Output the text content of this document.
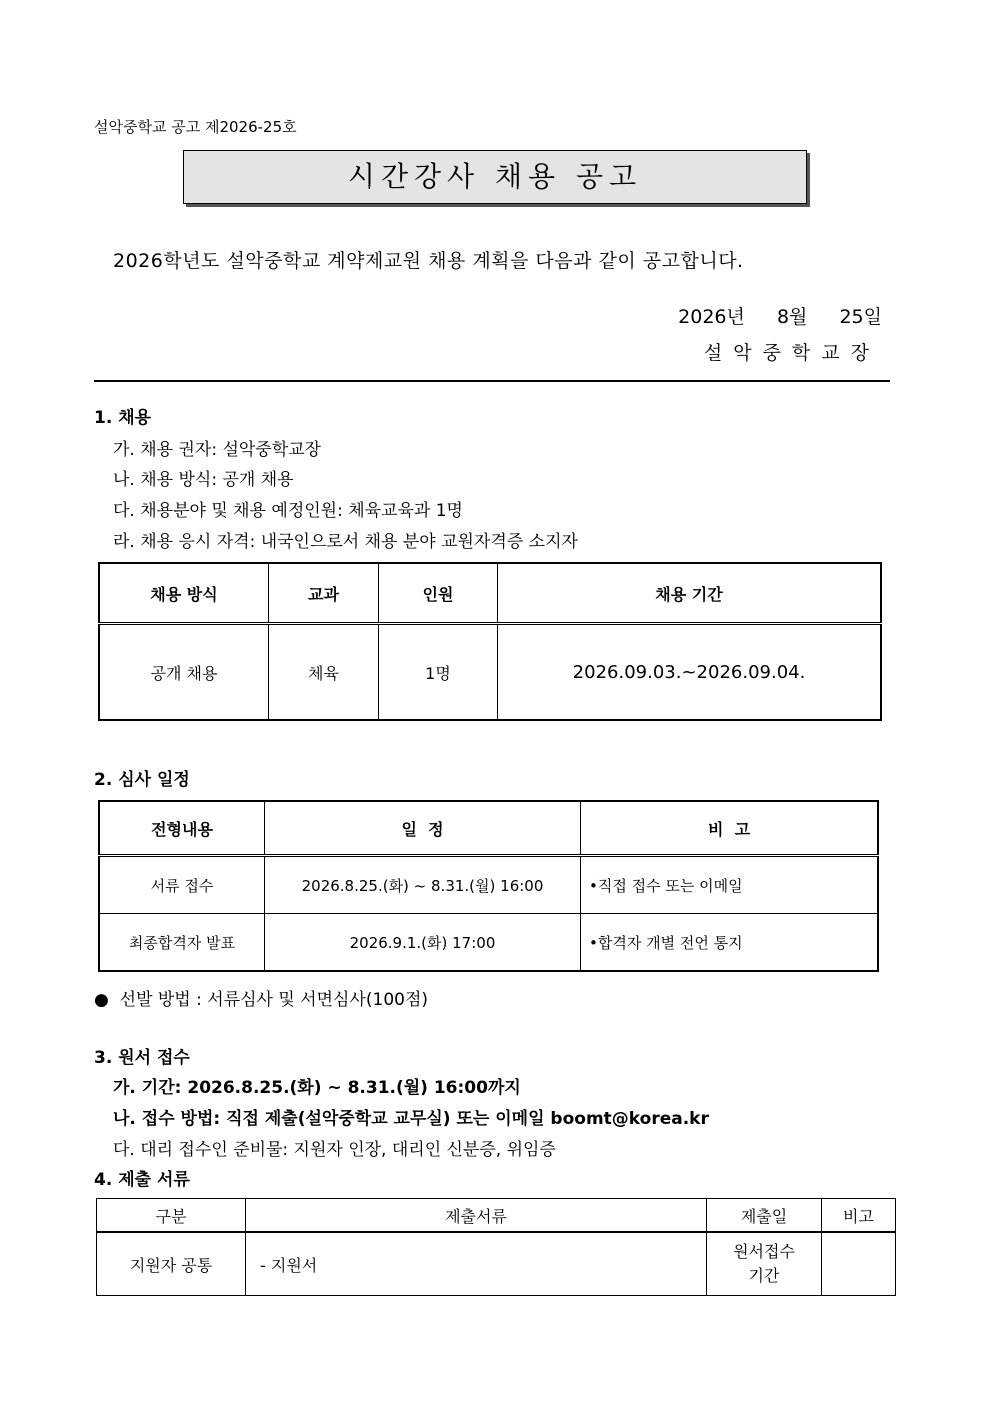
설악중학교 공고 제2026-25호
시간강사 채용 공고
2026학년도 설악중학교 계약제교원 채용 계획을 다음과 같이 공고합니다.
2026년  8월  25일
설악중학교장
1. 채용
가. 채용 권자: 설악중학교장
나. 채용 방식: 공개 채용
다. 채용분야 및 채용 예정인원: 체육교육과 1명
라. 채용 응시 자격: 내국인으로서 채용 분야 교원자격증 소지자
채용 방식	교과	인원	채용 기간
공개 채용	체육	1명	2026.09.03.~2026.09.04.
2. 심사 일정
전형내용	일  정	비  고
서류 접수	2026.8.25.(화) ~ 8.31.(월) 16:00	•직접 접수 또는 이메일
최종합격자 발표	2026.9.1.(화) 17:00	•합격자 개별 전언 통지
●  선발 방법 : 서류심사 및 서면심사(100점)
3. 원서 접수
가. 기간: 2026.8.25.(화) ~ 8.31.(월) 16:00까지
나. 접수 방법: 직접 제출(설악중학교 교무실) 또는 이메일 boomt@korea.kr
다. 대리 접수인 준비물: 지원자 인장, 대리인 신분증, 위임증
4. 제출 서류
구분	제출서류	제출일	비고
지원자 공통	- 지원서	원서접수
기간	
